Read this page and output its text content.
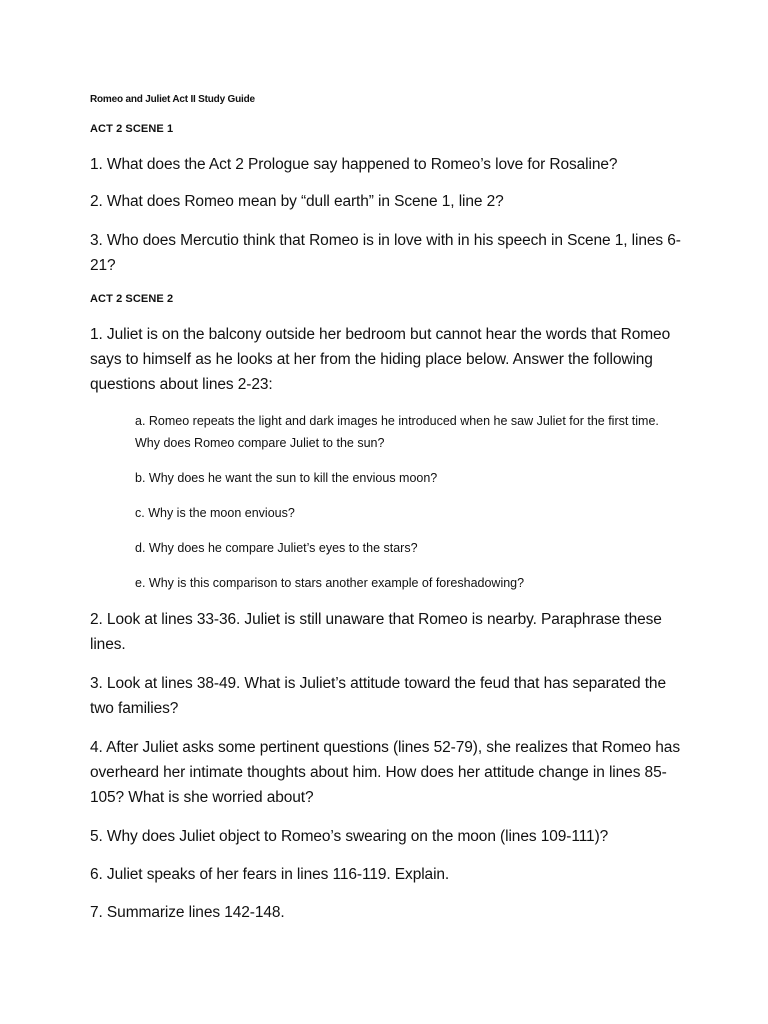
Romeo and Juliet Act II Study Guide
ACT 2 SCENE 1
1. What does the Act 2 Prologue say happened to Romeo’s love for Rosaline?
2. What does Romeo mean by “dull earth” in Scene 1, line 2?
3. Who does Mercutio think that Romeo is in love with in his speech in Scene 1, lines 6-21?
ACT 2 SCENE 2
1. Juliet is on the balcony outside her bedroom but cannot hear the words that Romeo says to himself as he looks at her from the hiding place below. Answer the following questions about lines 2-23:
a. Romeo repeats the light and dark images he introduced when he saw Juliet for the first time. Why does Romeo compare Juliet to the sun?
b. Why does he want the sun to kill the envious moon?
c. Why is the moon envious?
d. Why does he compare Juliet’s eyes to the stars?
e. Why is this comparison to stars another example of foreshadowing?
2. Look at lines 33-36. Juliet is still unaware that Romeo is nearby. Paraphrase these lines.
3. Look at lines 38-49. What is Juliet’s attitude toward the feud that has separated the two families?
4. After Juliet asks some pertinent questions (lines 52-79), she realizes that Romeo has overheard her intimate thoughts about him. How does her attitude change in lines 85-105? What is she worried about?
5. Why does Juliet object to Romeo’s swearing on the moon (lines 109-111)?
6. Juliet speaks of her fears in lines 116-119. Explain.
7. Summarize lines 142-148.
